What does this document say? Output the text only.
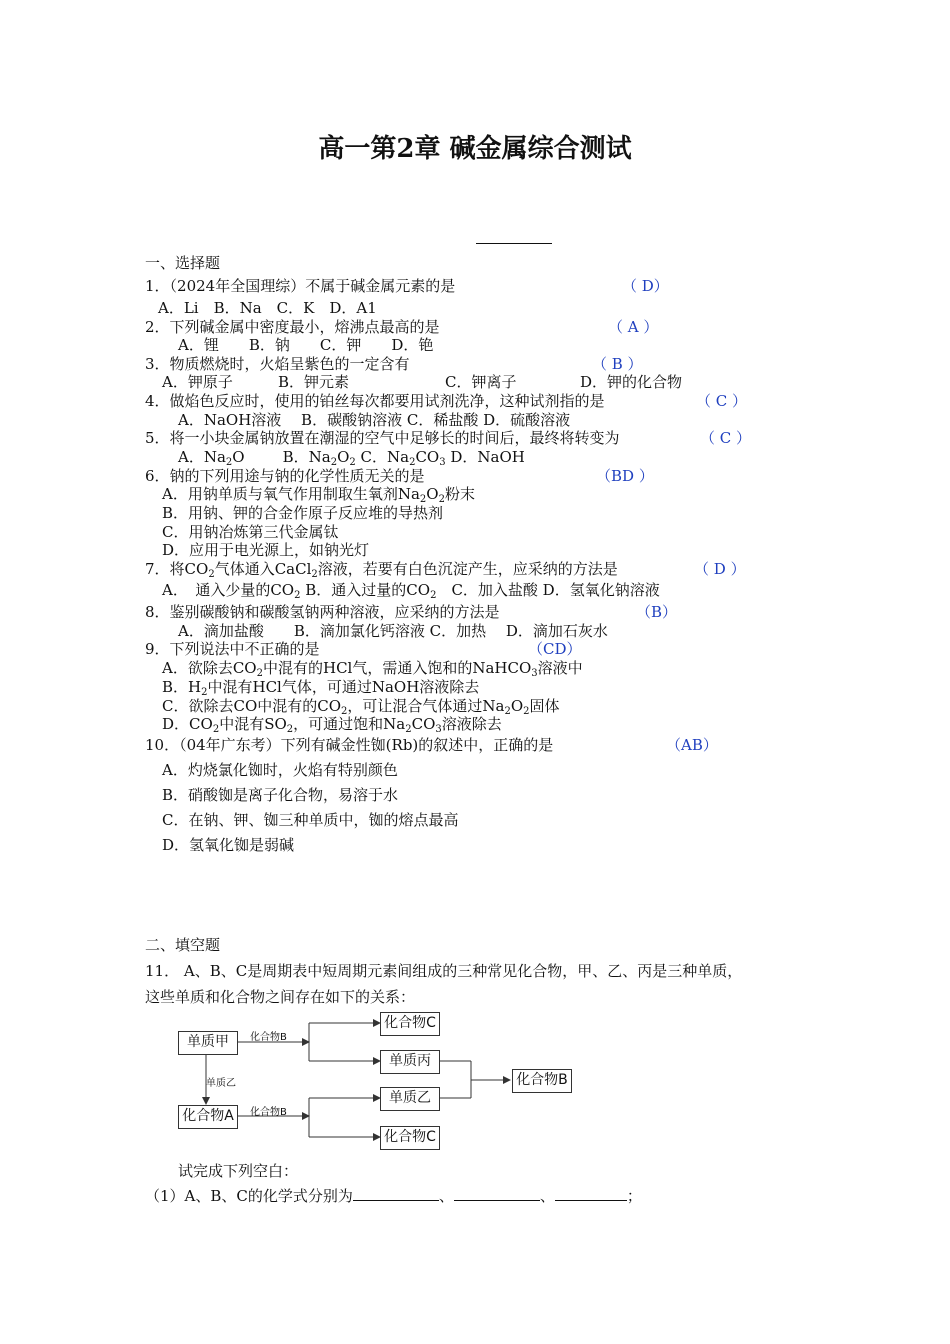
高一第2章 碱金属综合测试
一、选择题
1．（2024年全国理综）不属于碱金属元素的是	（ D）
A．Li　B．Na　C．K　D．A1
2．下列碱金属中密度最小，熔沸点最高的是	（ A ）
A．锂　　B．钠　　C．钾　　D．铯
3．物质燃烧时，火焰呈紫色的一定含有	（ B ）
A．钾原子	B．钾元素	C．钾离子	D．钾的化合物
4．做焰色反应时，使用的铂丝每次都要用试剂洗净，这种试剂指的是	（ C ）
A．NaOH溶液　 B．碳酸钠溶液 C．稀盐酸 D．硫酸溶液
5．将一小块金属钠放置在潮湿的空气中足够长的时间后，最终将转变为	（ C ）
A．$Na_2O$	B．$Na_2O_2$ C．$Na_2CO_3$ D．NaOH
6．钠的下列用途与钠的化学性质无关的是	（BD ）
A．用钠单质与氧气作用制取生氧剂$Na_2O_2$粉末
B．用钠、钾的合金作原子反应堆的导热剂
C．用钠冶炼第三代金属钛
D．应用于电光源上，如钠光灯
7．将$CO_2$气体通入CaCl$_2$溶液，若要有白色沉淀产生，应采纳的方法是	（ D ）
A．　通入少量的$CO_2$ B．通入过量的$CO_2$　C．加入盐酸 D．氢氧化钠溶液
8．鉴别碳酸钠和碳酸氢钠两种溶液，应采纳的方法是	（B）
A．滴加盐酸　　B．滴加氯化钙溶液 C．加热　 D．滴加石灰水
9．下列说法中不正确的是	（CD）
A．欲除去$CO_2$中混有的HCl气，需通入饱和的NaHCO$_3$溶液中
B．$H_2$中混有HCl气体，可通过NaOH溶液除去
C．欲除去CO中混有的$CO_2$，可让混合气体通过$Na_2O_2$固体
D．$CO_2$中混有$SO_2$，可通过饱和$Na_2CO_3$溶液除去
10．（04年广东考）下列有碱金性铷(Rb)的叙述中，正确的是	（AB）
A．灼烧氯化铷时，火焰有特别颜色
B．硝酸铷是离子化合物，易溶于水
C．在钠、钾、铷三种单质中，铷的熔点最高
D．氢氧化铷是弱碱
二、填空题
11． A、B、C是周期表中短周期元素间组成的三种常见化合物，甲、乙、丙是三种单质，
这些单质和化合物之间存在如下的关系：
单质甲
化合物C
单质丙
单质乙
化合物A
化合物C
化合物B
化合物B
化合物B
单质乙
试完成下列空白：
（1）A、B、C的化学式分别为	、	、	；
